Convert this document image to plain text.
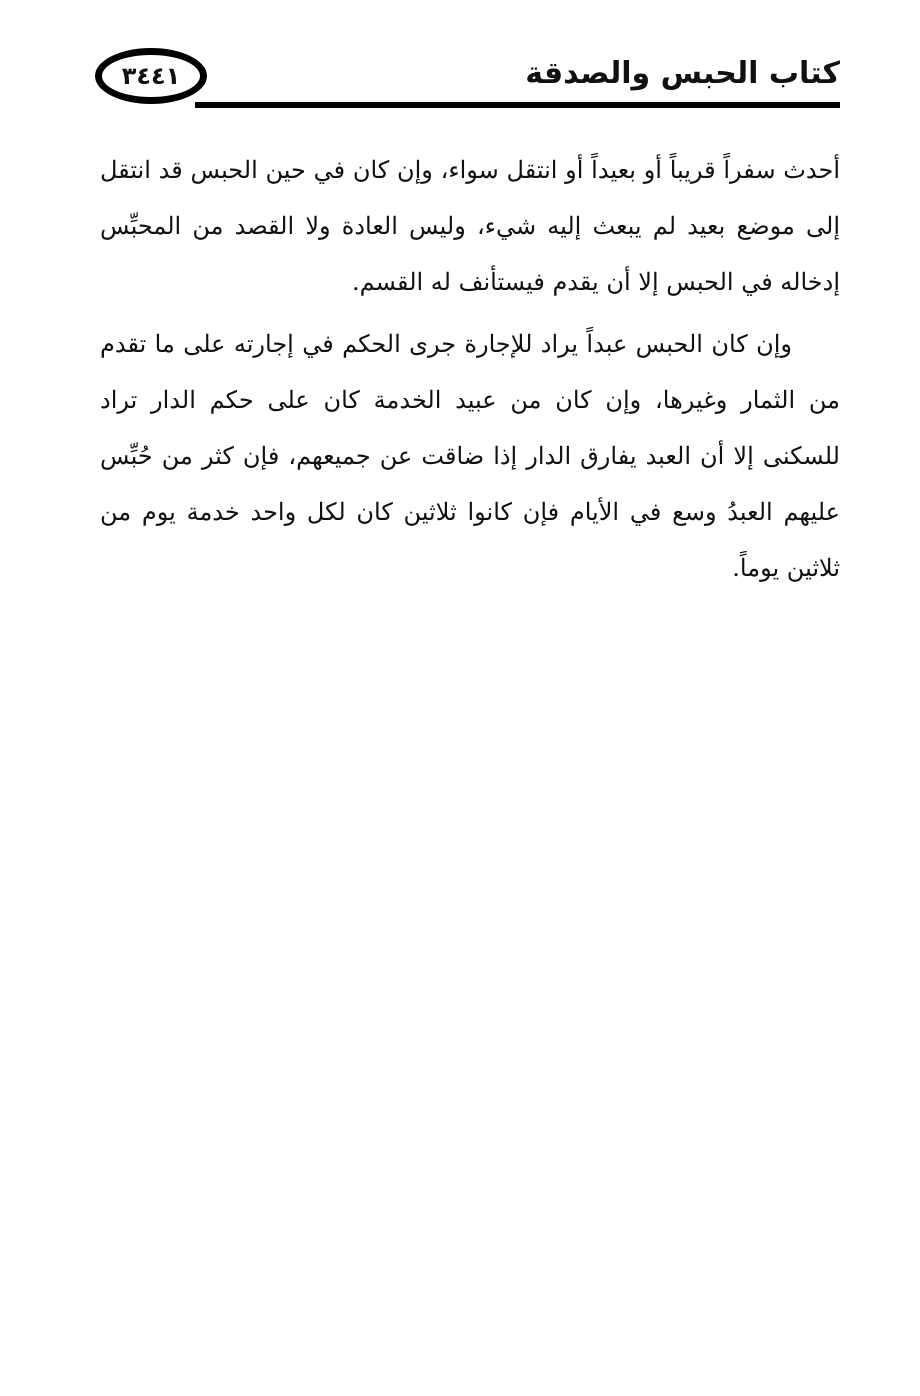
٣٤٤١	كتاب الحبس والصدقة

أحدث سفراً قريباً أو بعيداً أو انتقل سواء، وإن كان في حين الحبس قد انتقل إلى موضع بعيد لم يبعث إليه شيء، وليس العادة ولا القصد من المحبِّس إدخاله في الحبس إلا أن يقدم فيستأنف له القسم.

وإن كان الحبس عبداً يراد للإجارة جرى الحكم في إجارته على ما تقدم من الثمار وغيرها، وإن كان من عبيد الخدمة كان على حكم الدار تراد للسكنى إلا أن العبد يفارق الدار إذا ضاقت عن جميعهم، فإن كثر من حُبِّس عليهم العبدُ وسع في الأيام فإن كانوا ثلاثين كان لكل واحد خدمة يوم من ثلاثين يوماً.
